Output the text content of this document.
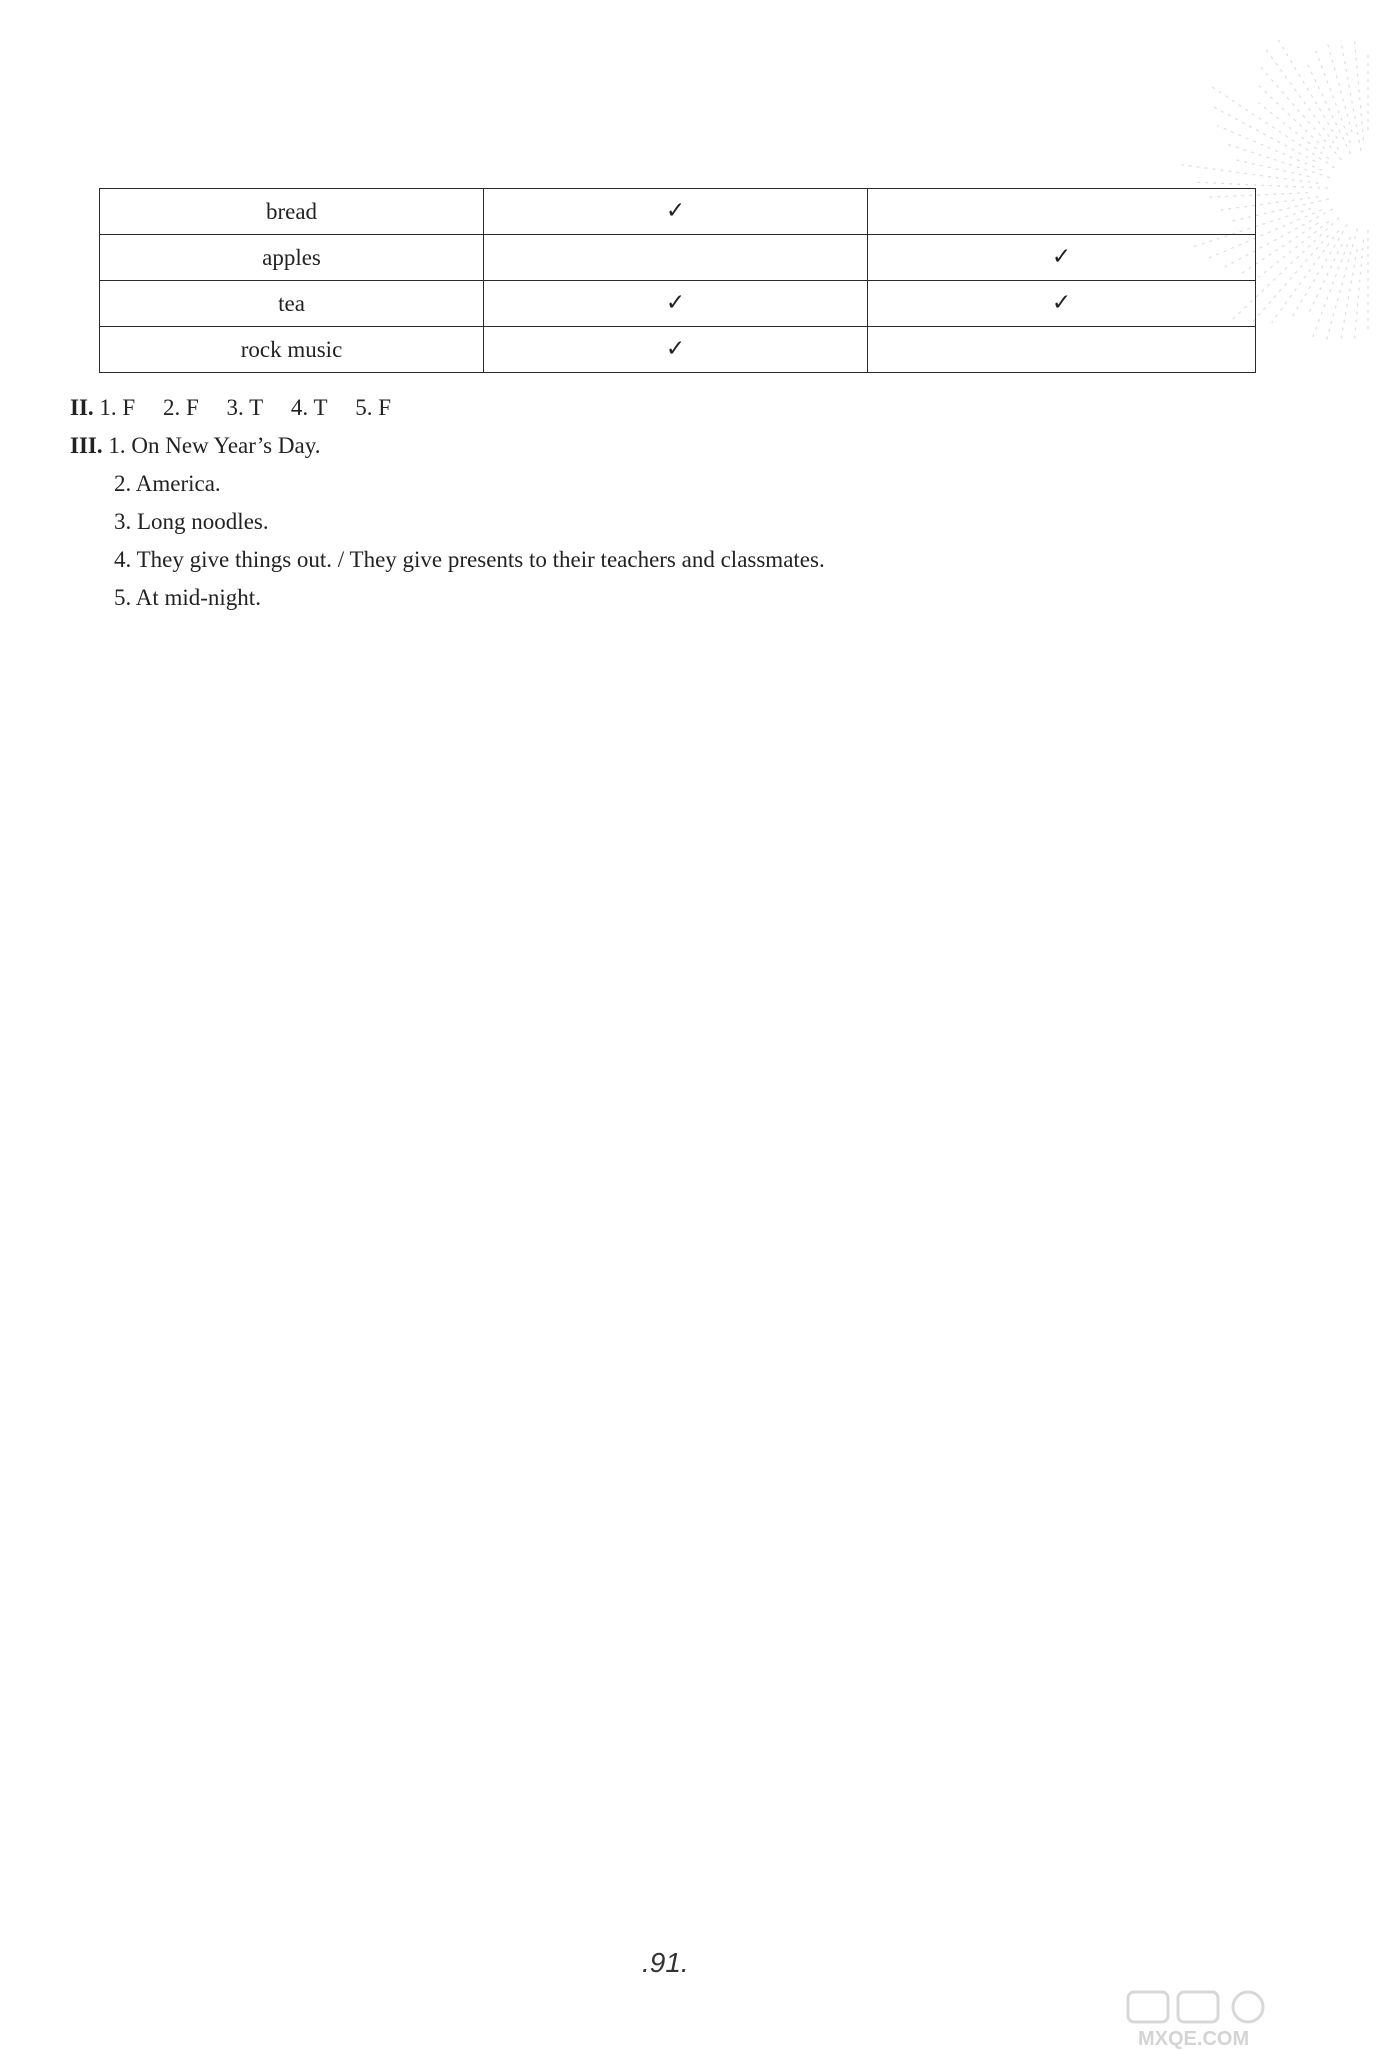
bread	✓	
apples		✓
tea	✓	✓
rock music	✓	
II. 1. F 2. F 3. T 4. T 5. F
III. 1. On New Year’s Day.
2. America.
3. Long noodles.
4. They give things out. / They give presents to their teachers and classmates.
5. At mid-night.
.91.
MXQE.COM
